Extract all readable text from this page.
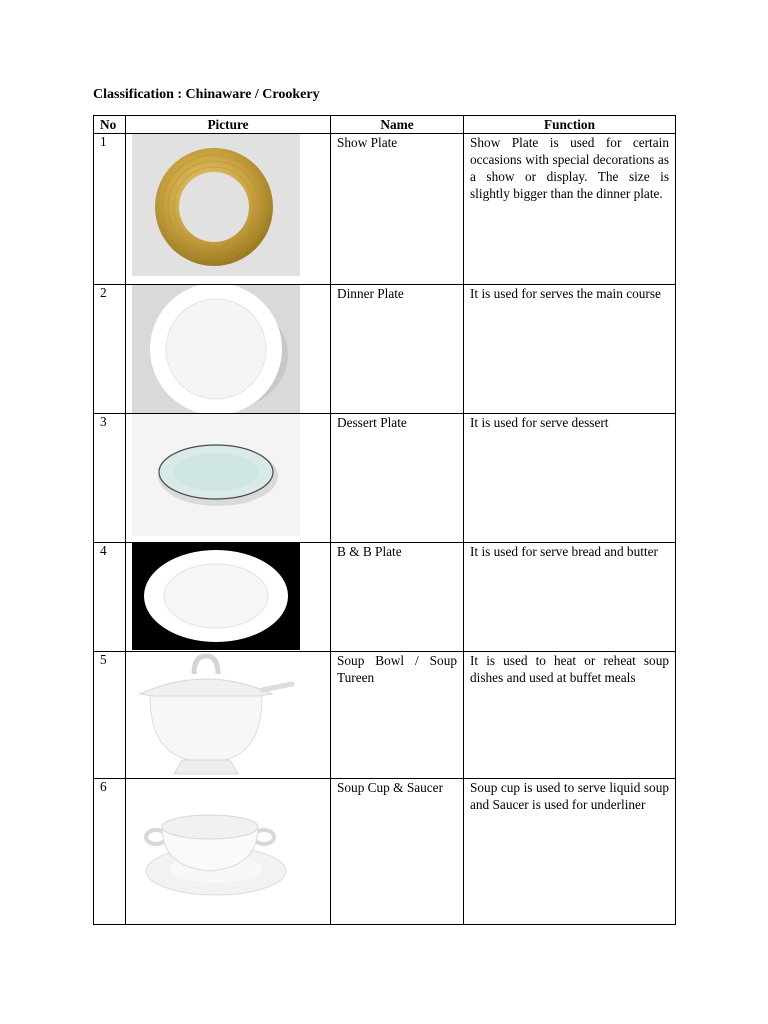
Classification : Chinaware / Crookery
No	Picture	Name	Function
1		Show Plate	Show Plate is used for certain occasions with special decorations as a show or display. The size is slightly bigger than the dinner plate.
2		Dinner Plate	It is used for serves the main course
3		Dessert Plate	It is used for serve dessert
4		B & B Plate	It is used for serve bread and butter
5		Soup Bowl / Soup Tureen	It is used to heat or reheat soup dishes and used at buffet meals
6		Soup Cup & Saucer	Soup cup is used to serve liquid soup and Saucer is used for underliner
